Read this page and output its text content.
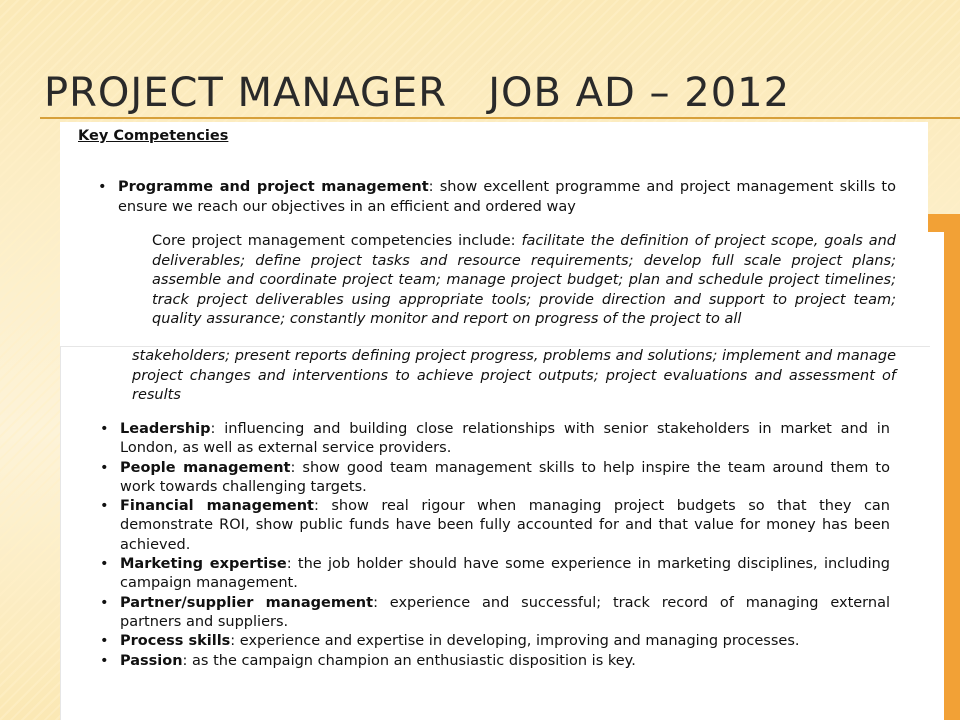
PROJECT MANAGER   JOB AD – 2012
Key Competencies

• Programme and project management: show excellent programme and project management skills to ensure we reach our objectives in an efficient and ordered way

Core project management competencies include: facilitate the definition of project scope, goals and deliverables; define project tasks and resource requirements; develop full scale project plans; assemble and coordinate project team; manage project budget; plan and schedule project timelines; track project deliverables using appropriate tools; provide direction and support to project team; quality assurance; constantly monitor and report on progress of the project to all

stakeholders; present reports defining project progress, problems and solutions; implement and manage project changes and interventions to achieve project outputs; project evaluations and assessment of results

• Leadership: influencing and building close relationships with senior stakeholders in market and in London, as well as external service providers.
• People management: show good team management skills to help inspire the team around them to work towards challenging targets.
• Financial management: show real rigour when managing project budgets so that they can demonstrate ROI, show public funds have been fully accounted for and that value for money has been achieved.
• Marketing expertise: the job holder should have some experience in marketing disciplines, including campaign management.
• Partner/supplier management: experience and successful; track record of managing external partners and suppliers.
• Process skills: experience and expertise in developing, improving and managing processes.
• Passion: as the campaign champion an enthusiastic disposition is key.
